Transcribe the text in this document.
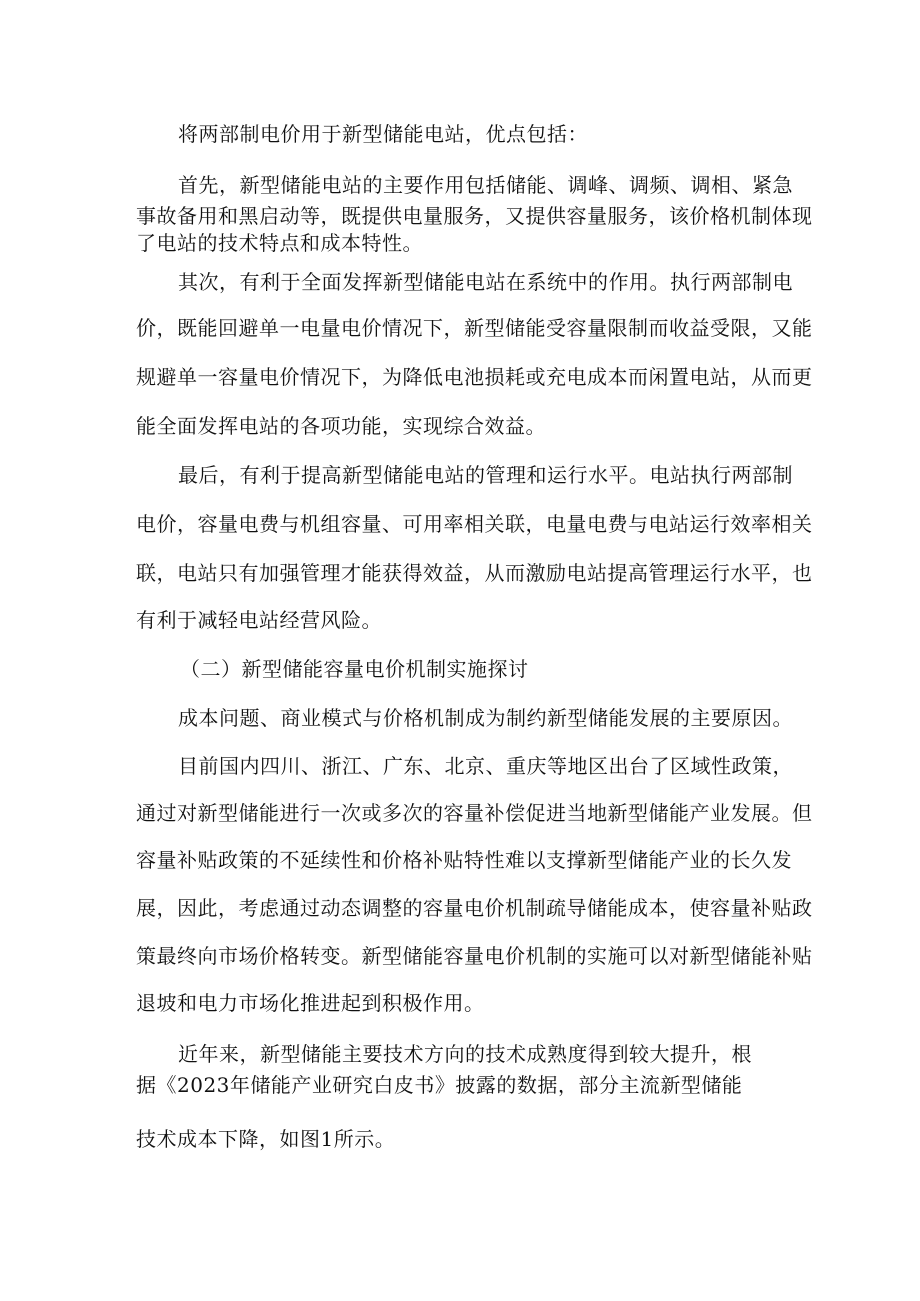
将两部制电价用于新型储能电站，优点包括：
首先，新型储能电站的主要作用包括储能、调峰、调频、调相、紧急
事故备用和黑启动等，既提供电量服务，又提供容量服务，该价格机制体现
了电站的技术特点和成本特性。
其次，有利于全面发挥新型储能电站在系统中的作用。执行两部制电
价，既能回避单一电量电价情况下，新型储能受容量限制而收益受限，又能
规避单一容量电价情况下，为降低电池损耗或充电成本而闲置电站，从而更
能全面发挥电站的各项功能，实现综合效益。
最后，有利于提高新型储能电站的管理和运行水平。电站执行两部制
电价，容量电费与机组容量、可用率相关联，电量电费与电站运行效率相关
联，电站只有加强管理才能获得效益，从而激励电站提高管理运行水平，也
有利于减轻电站经营风险。
（二）新型储能容量电价机制实施探讨
成本问题、商业模式与价格机制成为制约新型储能发展的主要原因。
目前国内四川、浙江、广东、北京、重庆等地区出台了区域性政策，
通过对新型储能进行一次或多次的容量补偿促进当地新型储能产业发展。但
容量补贴政策的不延续性和价格补贴特性难以支撑新型储能产业的长久发
展，因此，考虑通过动态调整的容量电价机制疏导储能成本，使容量补贴政
策最终向市场价格转变。新型储能容量电价机制的实施可以对新型储能补贴
退坡和电力市场化推进起到积极作用。
近年来，新型储能主要技术方向的技术成熟度得到较大提升，根
据《2023年储能产业研究白皮书》披露的数据，部分主流新型储能
技术成本下降，如图1所示。
